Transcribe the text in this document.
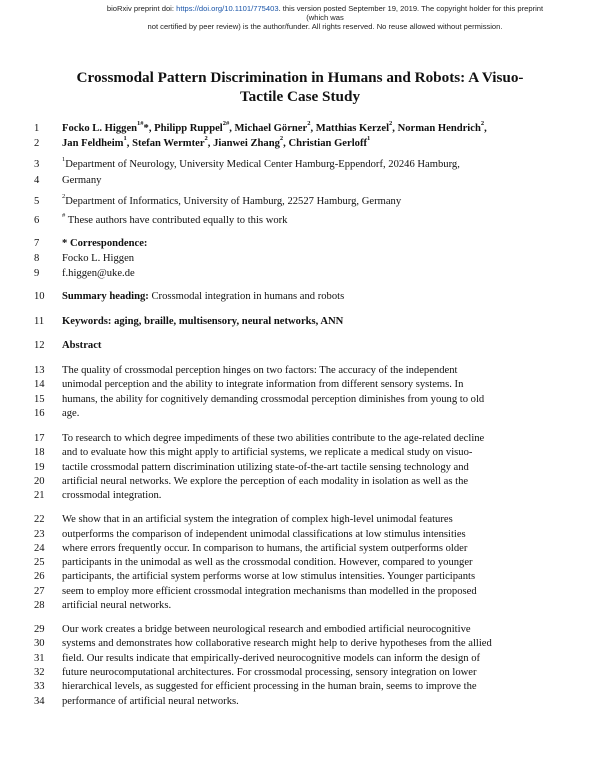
bioRxiv preprint doi: https://doi.org/10.1101/775403. this version posted September 19, 2019. The copyright holder for this preprint (which was
not certified by peer review) is the author/funder. All rights reserved. No reuse allowed without permission.
Crossmodal Pattern Discrimination in Humans and Robots: A Visuo-
Tactile Case Study
1
2
3
4
5
6
7
8
9
10
11
12
13
14
15
16
17
18
19
20
21
22
23
24
25
26
27
28
29
30
31
32
33
34
Focko L. Higgen$^{1\#}$*, Philipp Ruppel$^{2\#}$, Michael Görner$^2$, Matthias Kerzel$^2$, Norman Hendrich$^2$,
Jan Feldheim$^1$, Stefan Wermter$^2$, Jianwei Zhang$^2$, Christian Gerloff$^1$
$^1$Department of Neurology, University Medical Center Hamburg-Eppendorf, 20246 Hamburg,
Germany
$^2$Department of Informatics, University of Hamburg, 22527 Hamburg, Germany
# These authors have contributed equally to this work
* Correspondence:
Focko L. Higgen
f.higgen@uke.de
Summary heading: Crossmodal integration in humans and robots
Keywords: aging, braille, multisensory, neural networks, ANN
Abstract
The quality of crossmodal perception hinges on two factors: The accuracy of the independent
unimodal perception and the ability to integrate information from different sensory systems. In
humans, the ability for cognitively demanding crossmodal perception diminishes from young to old
age.
To research to which degree impediments of these two abilities contribute to the age-related decline
and to evaluate how this might apply to artificial systems, we replicate a medical study on visuo-
tactile crossmodal pattern discrimination utilizing state-of-the-art tactile sensing technology and
artificial neural networks. We explore the perception of each modality in isolation as well as the
crossmodal integration.
We show that in an artificial system the integration of complex high-level unimodal features
outperforms the comparison of independent unimodal classifications at low stimulus intensities
where errors frequently occur. In comparison to humans, the artificial system outperforms older
participants in the unimodal as well as the crossmodal condition. However, compared to younger
participants, the artificial system performs worse at low stimulus intensities. Younger participants
seem to employ more efficient crossmodal integration mechanisms than modelled in the proposed
artificial neural networks.
Our work creates a bridge between neurological research and embodied artificial neurocognitive
systems and demonstrates how collaborative research might help to derive hypotheses from the allied
field. Our results indicate that empirically-derived neurocognitive models can inform the design of
future neurocomputational architectures. For crossmodal processing, sensory integration on lower
hierarchical levels, as suggested for efficient processing in the human brain, seems to improve the
performance of artificial neural networks.
